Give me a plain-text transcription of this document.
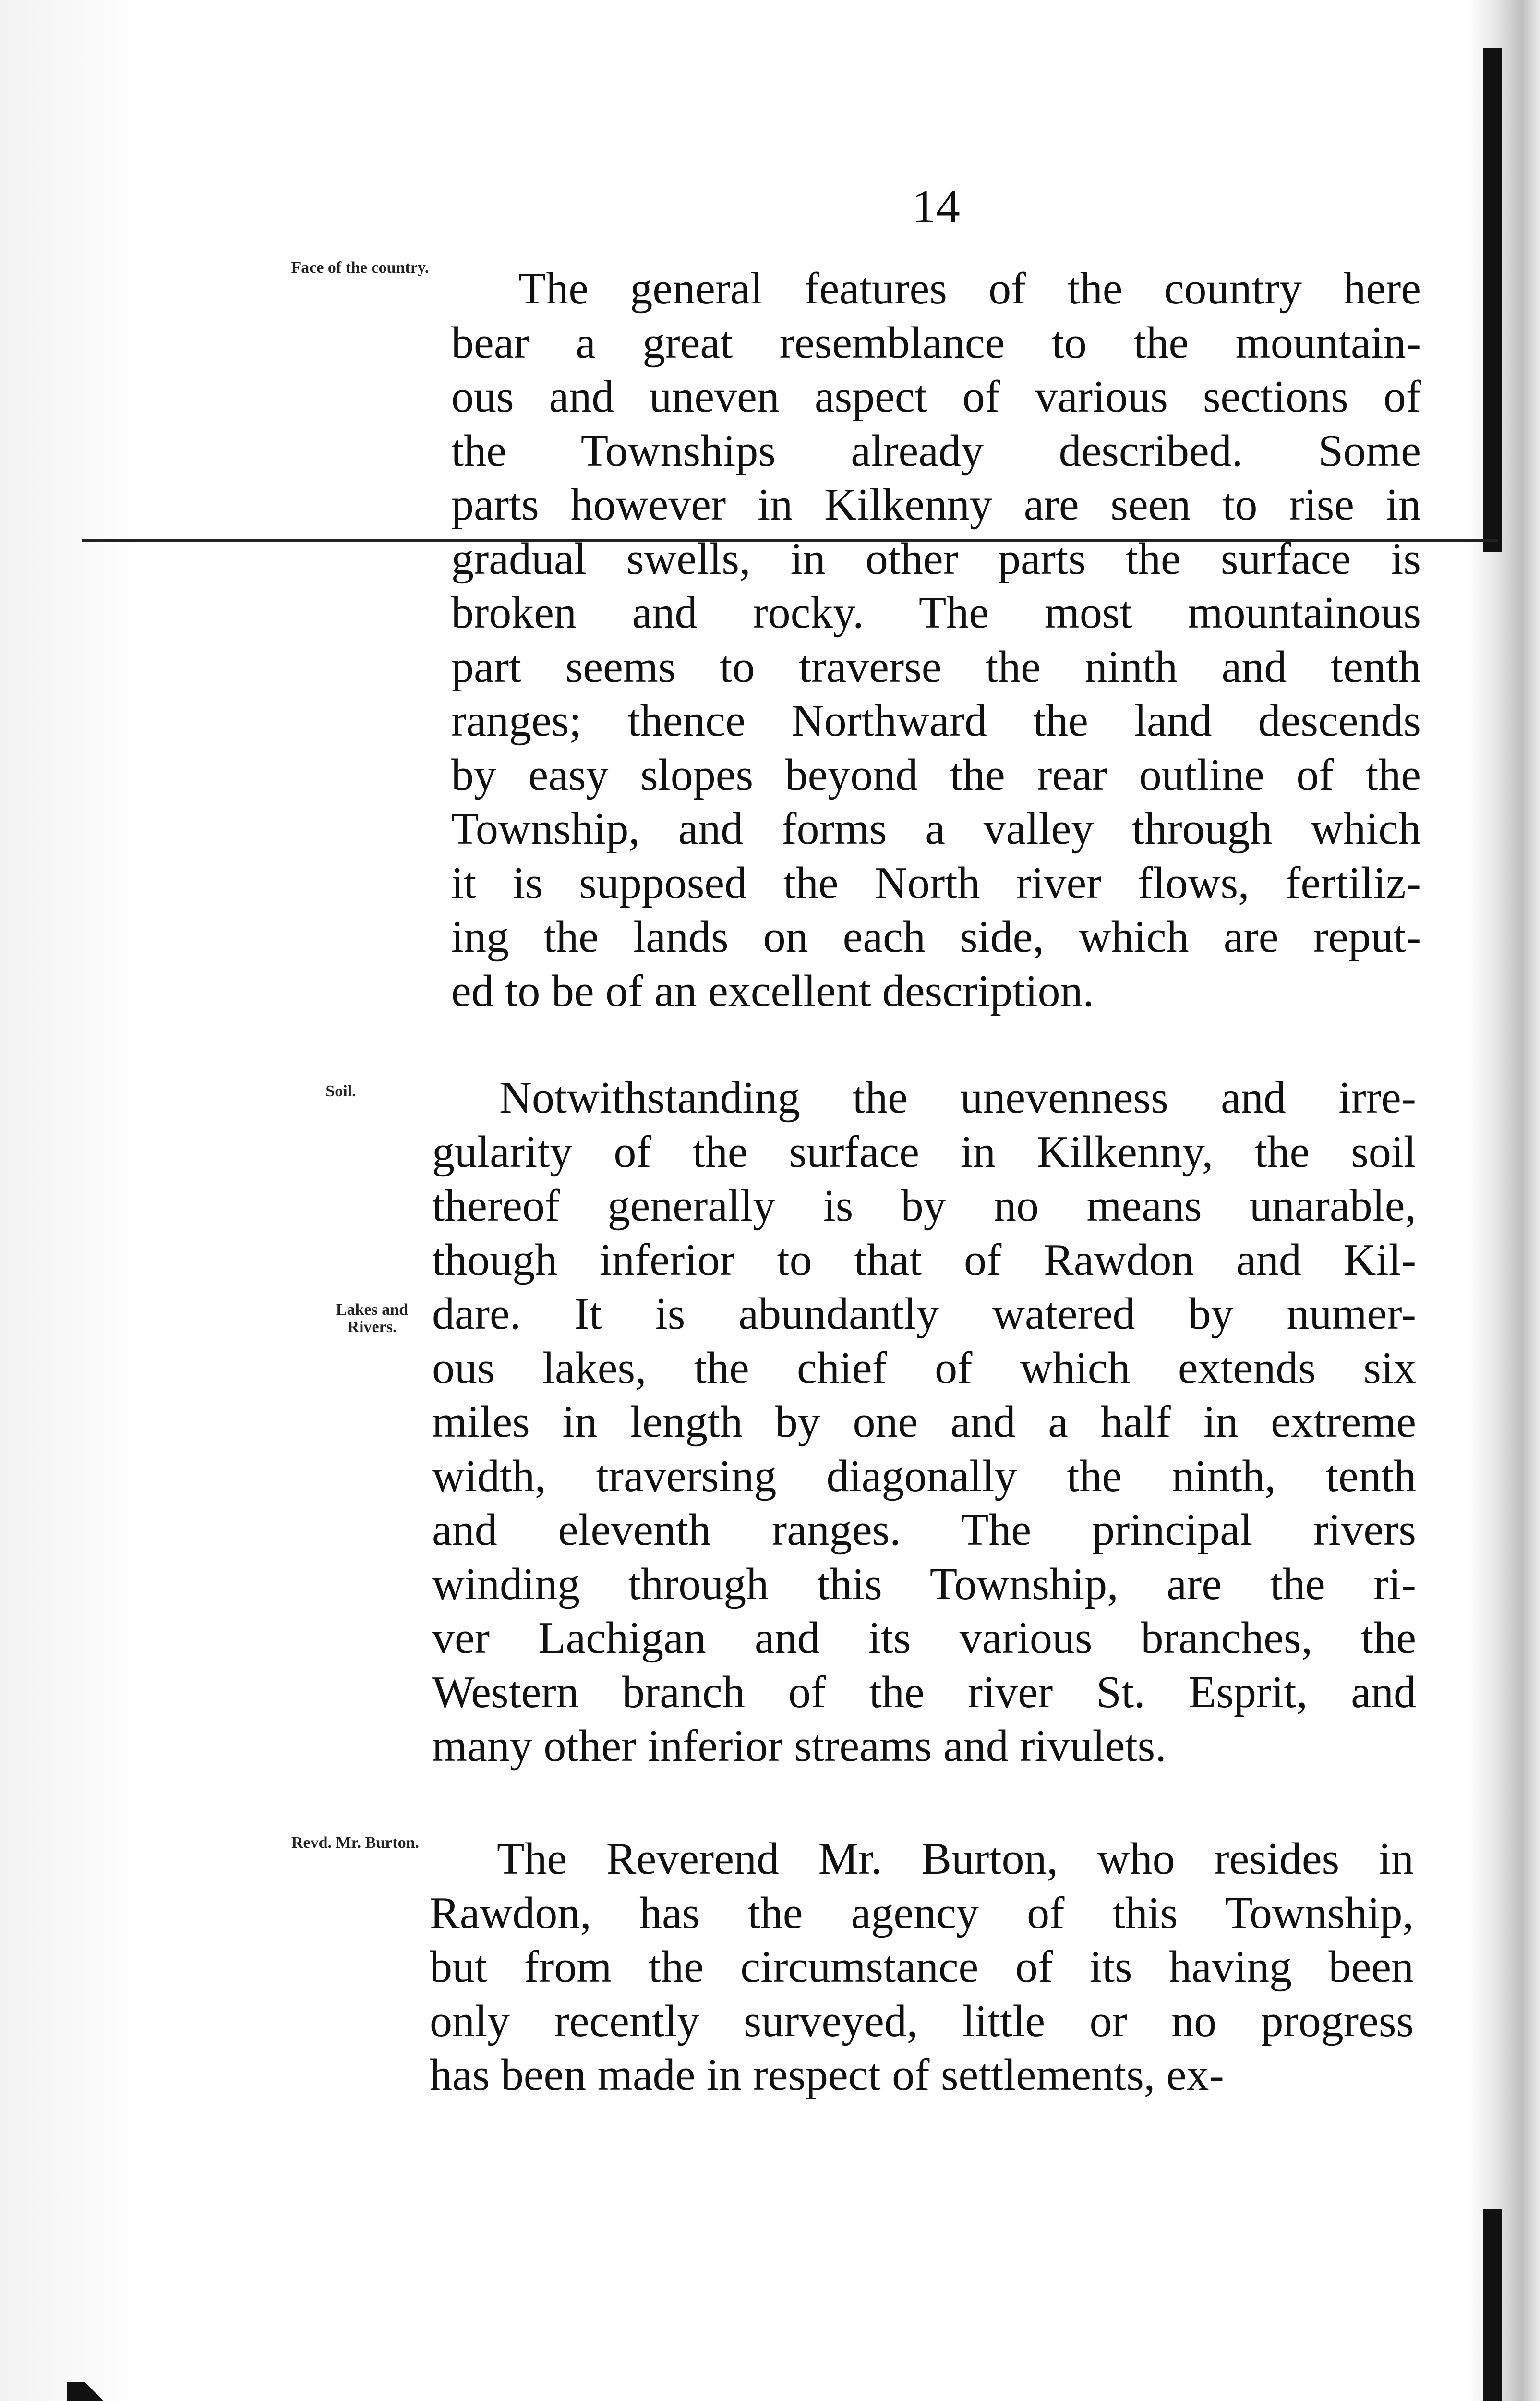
14
Face of the country.
Soil.
Lakes and Rivers.
Revd. Mr. Burton.
The general features of the country here
bear a great resemblance to the mountain-
ous and uneven aspect of various sections of
the Townships already described. Some
parts however in Kilkenny are seen to rise in
gradual swells, in other parts the surface is
broken and rocky. The most mountainous
part seems to traverse the ninth and tenth
ranges; thence Northward the land descends
by easy slopes beyond the rear outline of the
Township, and forms a valley through which
it is supposed the North river flows, fertiliz-
ing the lands on each side, which are reput-
ed to be of an excellent description.
Notwithstanding the unevenness and irre-
gularity of the surface in Kilkenny, the soil
thereof generally is by no means unarable,
though inferior to that of Rawdon and Kil-
dare. It is abundantly watered by numer-
ous lakes, the chief of which extends six
miles in length by one and a half in extreme
width, traversing diagonally the ninth, tenth
and eleventh ranges. The principal rivers
winding through this Township, are the ri-
ver Lachigan and its various branches, the
Western branch of the river St. Esprit, and
many other inferior streams and rivulets.
The Reverend Mr. Burton, who resides in
Rawdon, has the agency of this Township,
but from the circumstance of its having been
only recently surveyed, little or no progress
has been made in respect of settlements, ex-
